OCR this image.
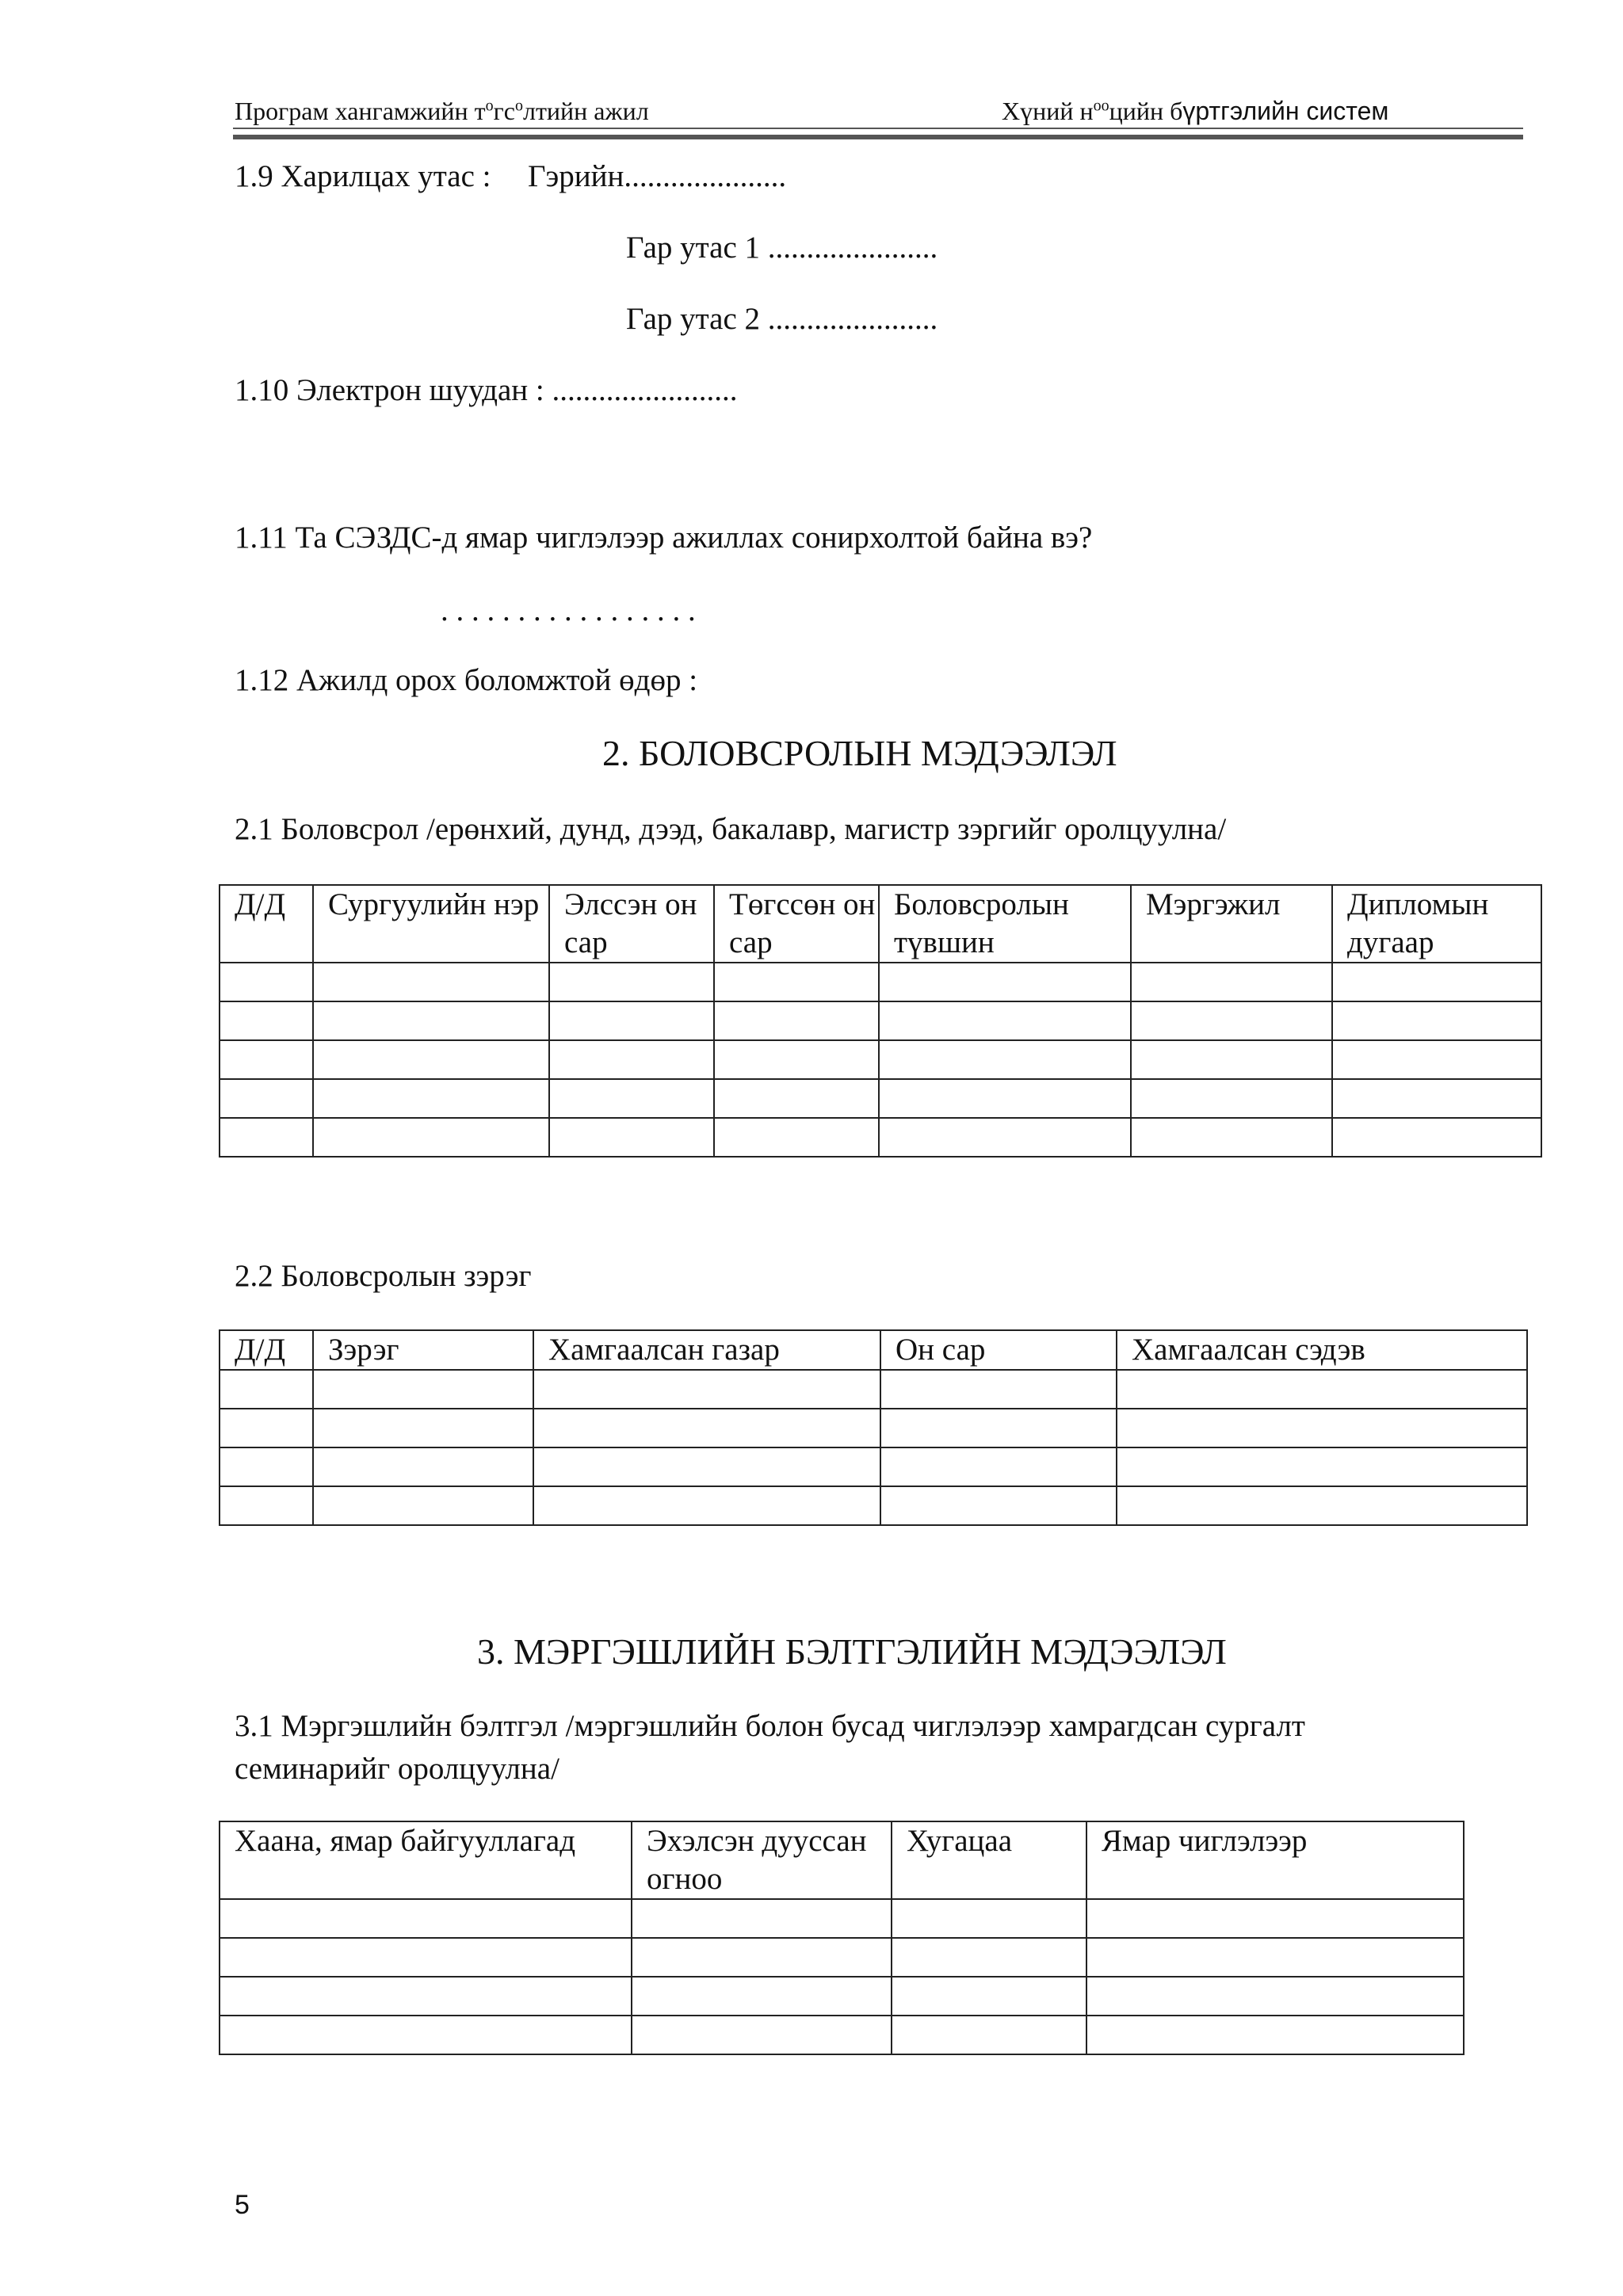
Програм хангамжийн $т^oгс^oлтийн$ ажил	Хүний $н^{oo}цийн$ бүртгэлийн систем
1.9 Харилцах утас : Гэрийн.....................
Гар утас 1 ......................
Гар утас 2 ......................
1.10 Электрон шуудан : ........................
1.11 Та СЭЗДС-д ямар чиглэлээр ажиллах сонирхолтой байна вэ?
. . . . . . . . . . . . . . . . .
1.12 Ажилд орох боломжтой өдөр :
2. БОЛОВСРОЛЫН МЭДЭЭЛЭЛ
2.1 Боловсрол /ерөнхий, дунд, дээд, бакалавр, магистр зэргийг оролцуулна/
Д/Д	Сургуулийн нэр	Элссэн он сар	Төгссөн он сар	Боловсролын түвшин	Мэргэжил	Дипломын дугаар

2.2 Боловсролын зэрэг
Д/Д	Зэрэг	Хамгаалсан газар	Он сар	Хамгаалсан сэдэв

3. МЭРГЭШЛИЙН БЭЛТГЭЛИЙН МЭДЭЭЛЭЛ
3.1 Мэргэшлийн бэлтгэл /мэргэшлийн болон бусад чиглэлээр хамрагдсан сургалт
семинарийг оролцуулна/
Хаана, ямар байгууллагад	Эхэлсэн дууссан огноо	Хугацаа	Ямар чиглэлээр

5
